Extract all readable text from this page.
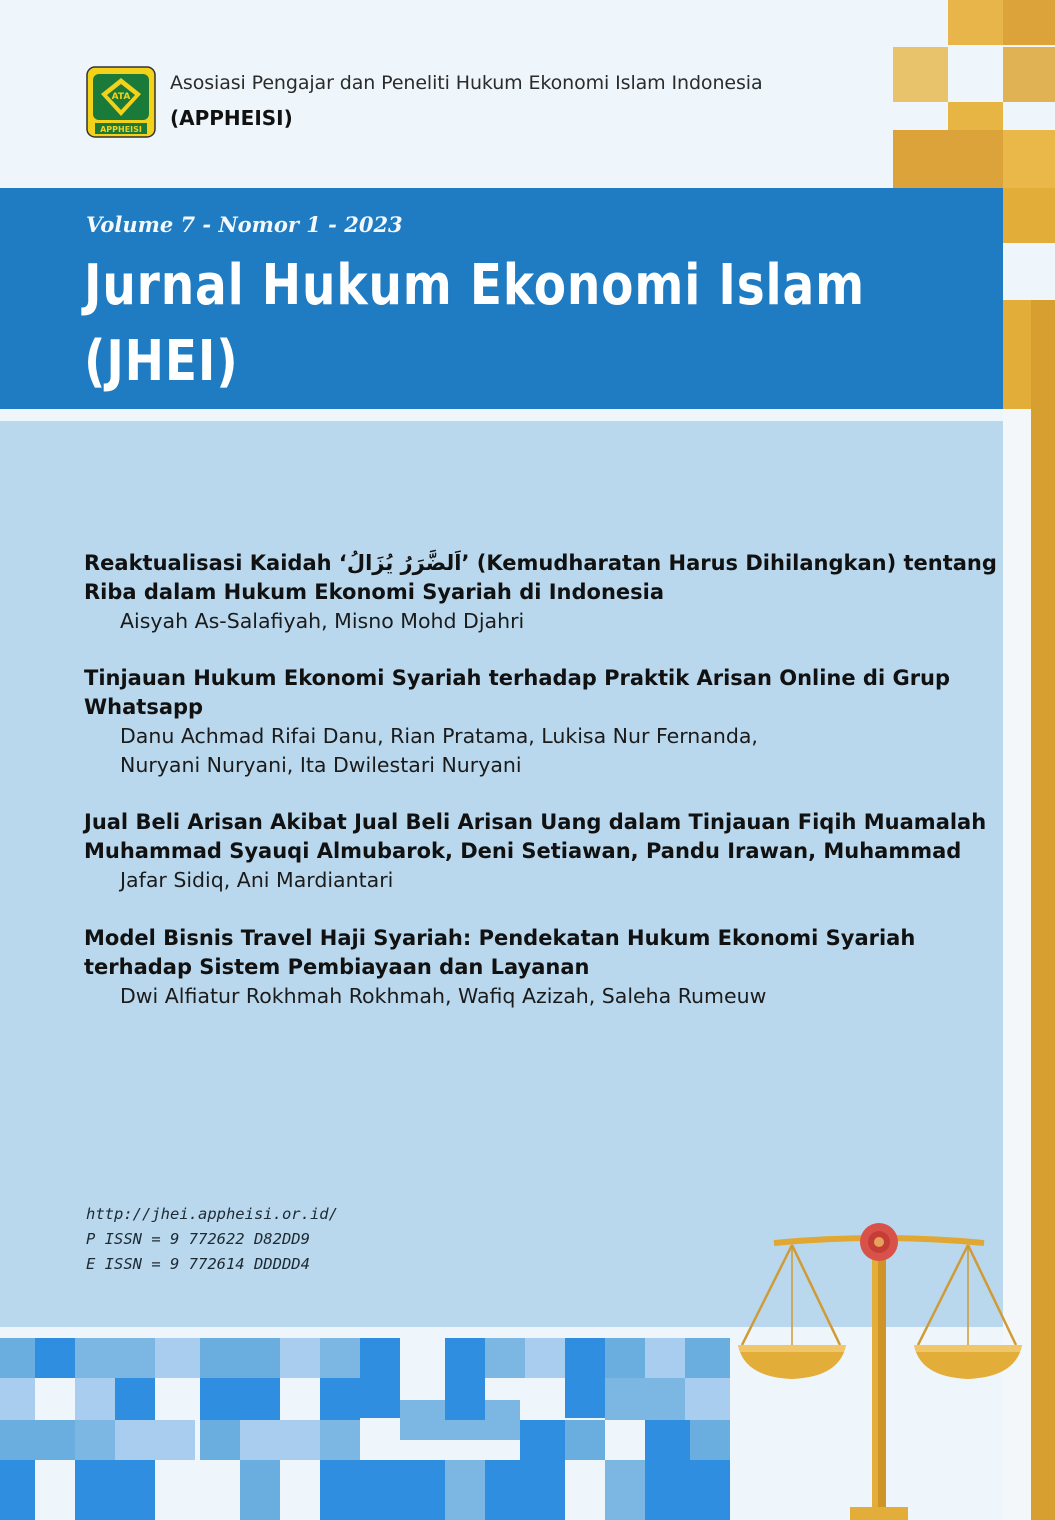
ATA
APPHEISI
Asosiasi Pengajar dan Peneliti Hukum Ekonomi Islam Indonesia
(APPHEISI)
Volume 7 - Nomor 1 - 2023
Jurnal Hukum Ekonomi Islam
(JHEI)
Reaktualisasi Kaidah ‘اَلضَّرَرُ يُزَالُ’ (Kemudharatan Harus Dihilangkan) tentang
Riba dalam Hukum Ekonomi Syariah di Indonesia
Aisyah As-Salafiyah, Misno Mohd Djahri
Tinjauan Hukum Ekonomi Syariah terhadap Praktik Arisan Online di Grup
Whatsapp
Danu Achmad Rifai Danu, Rian Pratama, Lukisa Nur Fernanda,
Nuryani Nuryani, Ita Dwilestari Nuryani
Jual Beli Arisan Akibat Jual Beli Arisan Uang dalam Tinjauan Fiqih Muamalah
Muhammad Syauqi Almubarok, Deni Setiawan, Pandu Irawan, Muhammad
Jafar Sidiq, Ani Mardiantari
Model Bisnis Travel Haji Syariah: Pendekatan Hukum Ekonomi Syariah
terhadap Sistem Pembiayaan dan Layanan
Dwi Alfiatur Rokhmah Rokhmah, Wafiq Azizah, Saleha Rumeuw
http://jhei.appheisi.or.id/
P ISSN = 9 772622 D82DD9
E ISSN = 9 772614 DDDDD4
